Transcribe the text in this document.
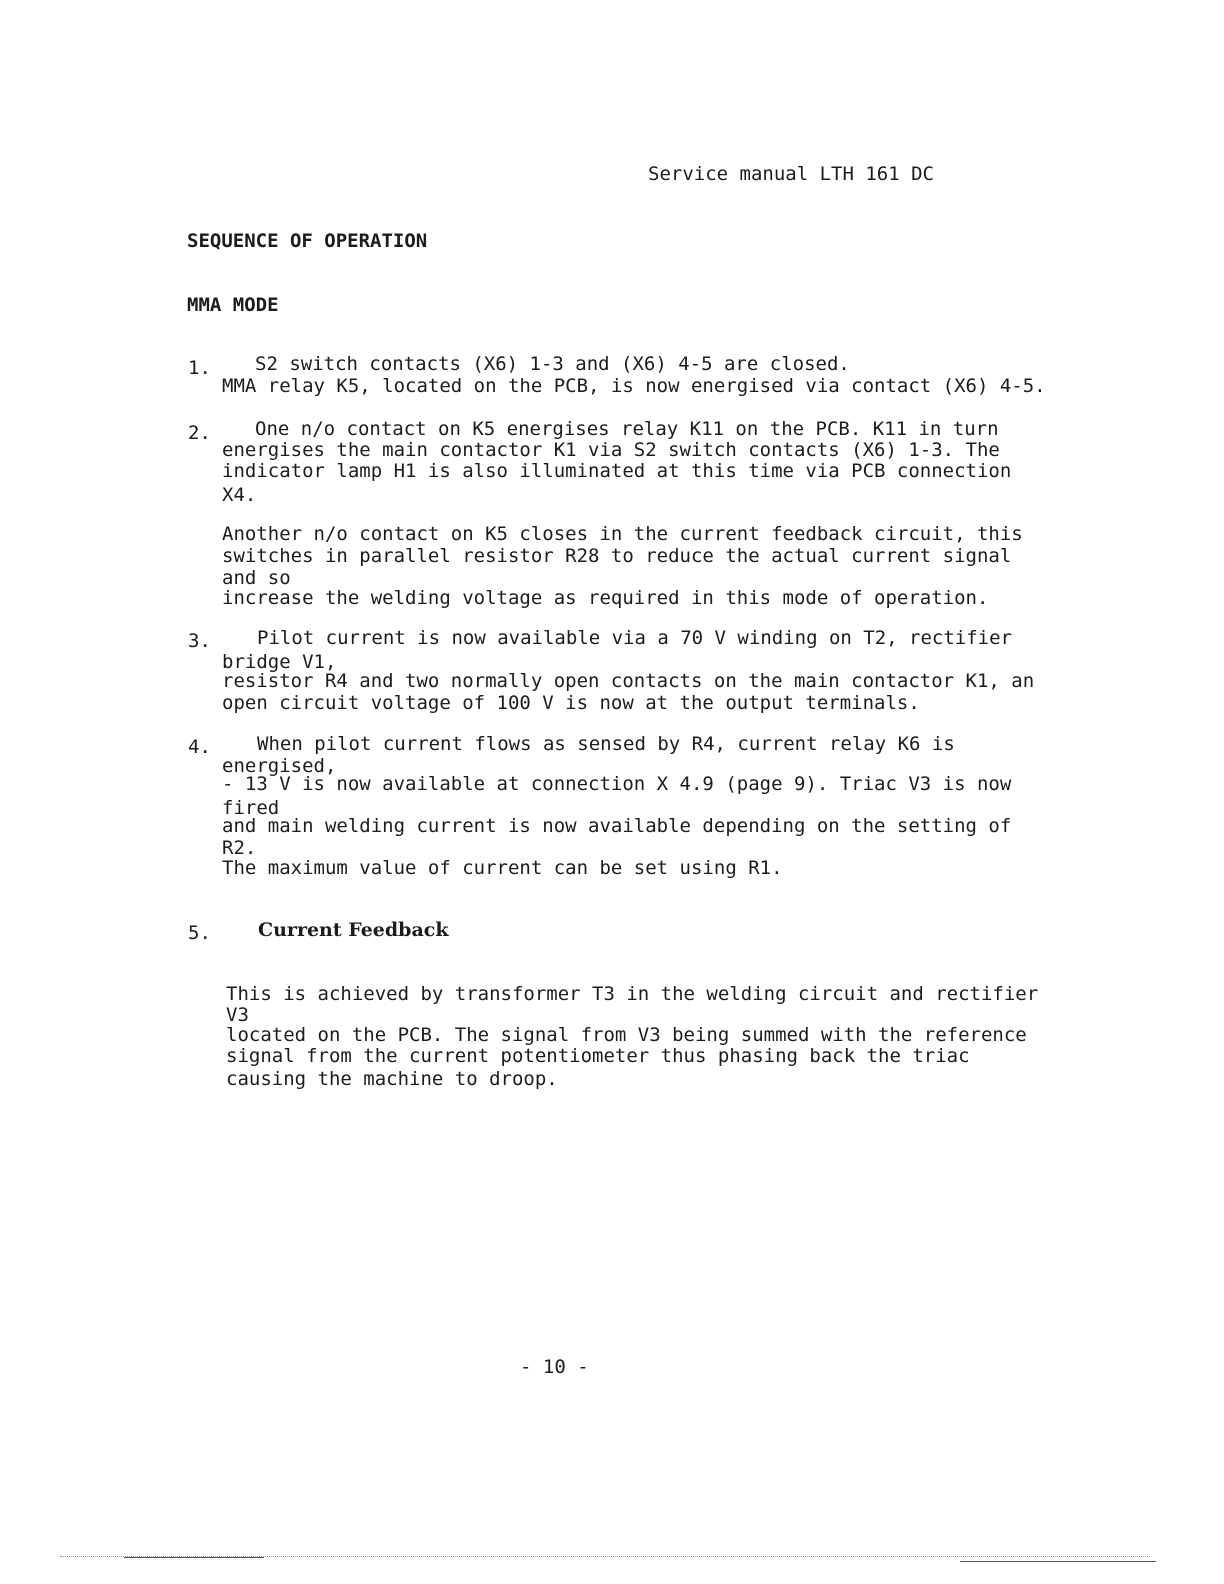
Service manual LTH 161 DC
SEQUENCE OF OPERATION
MMA MODE
1. S2 switch contacts (X6) 1-3 and (X6) 4-5 are closed.
MMA relay K5, located on the PCB, is now energised via contact (X6) 4-5.
2. One n/o contact on K5 energises relay K11 on the PCB. K11 in turn
energises the main contactor K1 via S2 switch contacts (X6) 1-3. The
indicator lamp H1 is also illuminated at this time via PCB connection
X4.
Another n/o contact on K5 closes in the current feedback circuit, this
switches in parallel resistor R28 to reduce the actual current signal
and so
increase the welding voltage as required in this mode of operation.
3. Pilot current is now available via a 70 V winding on T2, rectifier
bridge V1,
resistor R4 and two normally open contacts on the main contactor K1, an
open circuit voltage of 100 V is now at the output terminals.
4. When pilot current flows as sensed by R4, current relay K6 is
energised,
- 13 V is now available at connection X 4.9 (page 9). Triac V3 is now
fired
and main welding current is now available depending on the setting of
R2.
The maximum value of current can be set using R1.
5. Current Feedback
This is achieved by transformer T3 in the welding circuit and rectifier
V3
located on the PCB. The signal from V3 being summed with the reference
signal from the current potentiometer thus phasing back the triac
causing the machine to droop.
- 10 -
